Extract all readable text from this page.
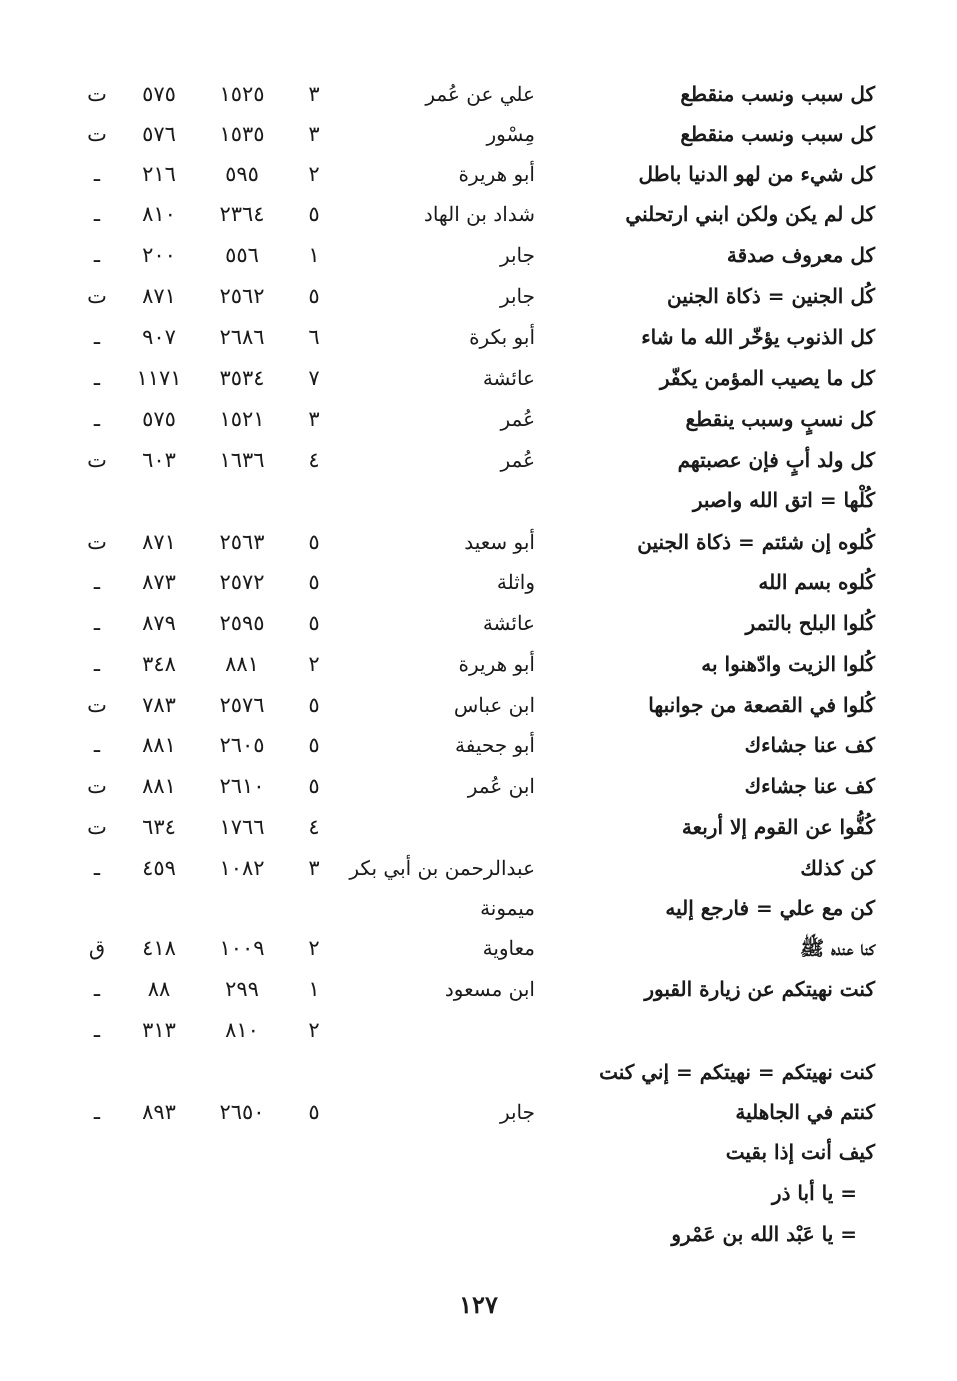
كل سبب ونسب منقطع
علي عن عُمر
٣
١٥٢٥
٥٧٥
ت
كل سبب ونسب منقطع
مِسْور
٣
١٥٣٥
٥٧٦
ت
كل شيء من لهو الدنيا باطل
أبو هريرة
٢
٥٩٥
٢١٦
ـ
كل لم يكن ولكن ابني ارتحلني
شداد بن الهاد
٥
٢٣٦٤
٨١٠
ـ
كل معروف صدقة
جابر
١
٥٥٦
٢٠٠
ـ
كُل الجنين = ذكاة الجنين
جابر
٥
٢٥٦٢
٨٧١
ت
كل الذنوب يؤخّر الله ما شاء
أبو بكرة
٦
٢٦٨٦
٩٠٧
ـ
كل ما يصيب المؤمن يكفّر
عائشة
٧
٣٥٣٤
١١٧١
ـ
كل نسبٍ وسبب ينقطع
عُمر
٣
١٥٢١
٥٧٥
ـ
كل ولد أبٍ فإن عصبتهم
عُمر
٤
١٦٣٦
٦٠٣
ت
كُلْها = اتق الله واصبر
كُلوه إن شئتم = ذكاة الجنين
أبو سعيد
٥
٢٥٦٣
٨٧١
ت
كُلوه بسم الله
واثلة
٥
٢٥٧٢
٨٧٣
ـ
كُلوا البلح بالتمر
عائشة
٥
٢٥٩٥
٨٧٩
ـ
كُلوا الزيت وادّهنوا به
أبو هريرة
٢
٨٨١
٣٤٨
ـ
كُلوا في القصعة من جوانبها
ابن عباس
٥
٢٥٧٦
٧٨٣
ت
كف عنا جشاءك
أبو جحيفة
٥
٢٦٠٥
٨٨١
ـ
كف عنا جشاءك
ابن عُمر
٥
٢٦١٠
٨٨١
ت
كُفُّوا عن القوم إلا أربعة
٤
١٧٦٦
٦٣٤
ت
كن كذلك
عبدالرحمن بن أبي بكر
٣
١٠٨٢
٤٥٩
ـ
كن مع علي = فارجع إليه
ميمونة
كنا عنده ﷺ
معاوية
٢
١٠٠٩
٤١٨
ق
كنت نهيتكم عن زيارة القبور
ابن مسعود
١
٢٩٩
٨٨
ـ
٢
٨١٠
٣١٣
ـ
كنت نهيتكم = نهيتكم = إني كنت
كنتم في الجاهلية
جابر
٥
٢٦٥٠
٨٩٣
ـ
كيف أنت إذا بقيت
= يا أبا ذر
= يا عَبْد الله بن عَمْرو
١٢٧
